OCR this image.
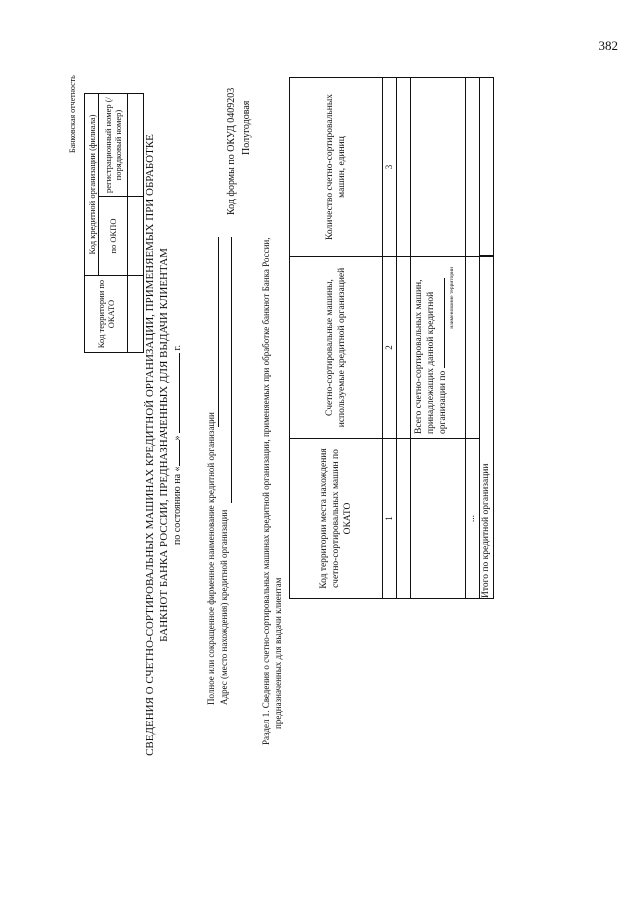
382
Банковская отчетность
Код территории по ОКАТО	Код кредитной организации (филиала)	
	по ОКПО	регистрационный номер (/порядковый номер)
		СВЕДЕНИЯ О СЧЕТНО-СОРТИРОВАЛЬНЫХ МАШИНАХ КРЕДИТНОЙ ОРГАНИЗАЦИИ, ПРИМЕНЯЕМЫХ ПРИ ОБРАБОТКЕ БАНКНОТ БАНКА РОССИИ, ПРЕДНАЗНАЧЕННЫХ ДЛЯ ВЫДАЧИ КЛИЕНТАМ по состоянию на «»  г.
Полное или сокращенное фирменное наименование кредитной организации Адрес (место нахождения) кредитной организации
Код формы по ОКУД 0409203 Полугодовая
Раздел 1. Сведения о счетно-сортировальных машинах кредитной организации, применяемых при обработке банкнот Банка России, предназначенных для выдачи клиентам
Код территории места нахождения счетно-сортировальных машин по ОКАТО	Счетно-сортировальные машины, используемые кредитной организацией	Количество счетно-сортировальных машин, единиц
1	2	3

	Всего счетно-сортировальных машин, принадлежащих данной кредитной организации по
наименование территории	

...		
Итого по кредитной организации		
